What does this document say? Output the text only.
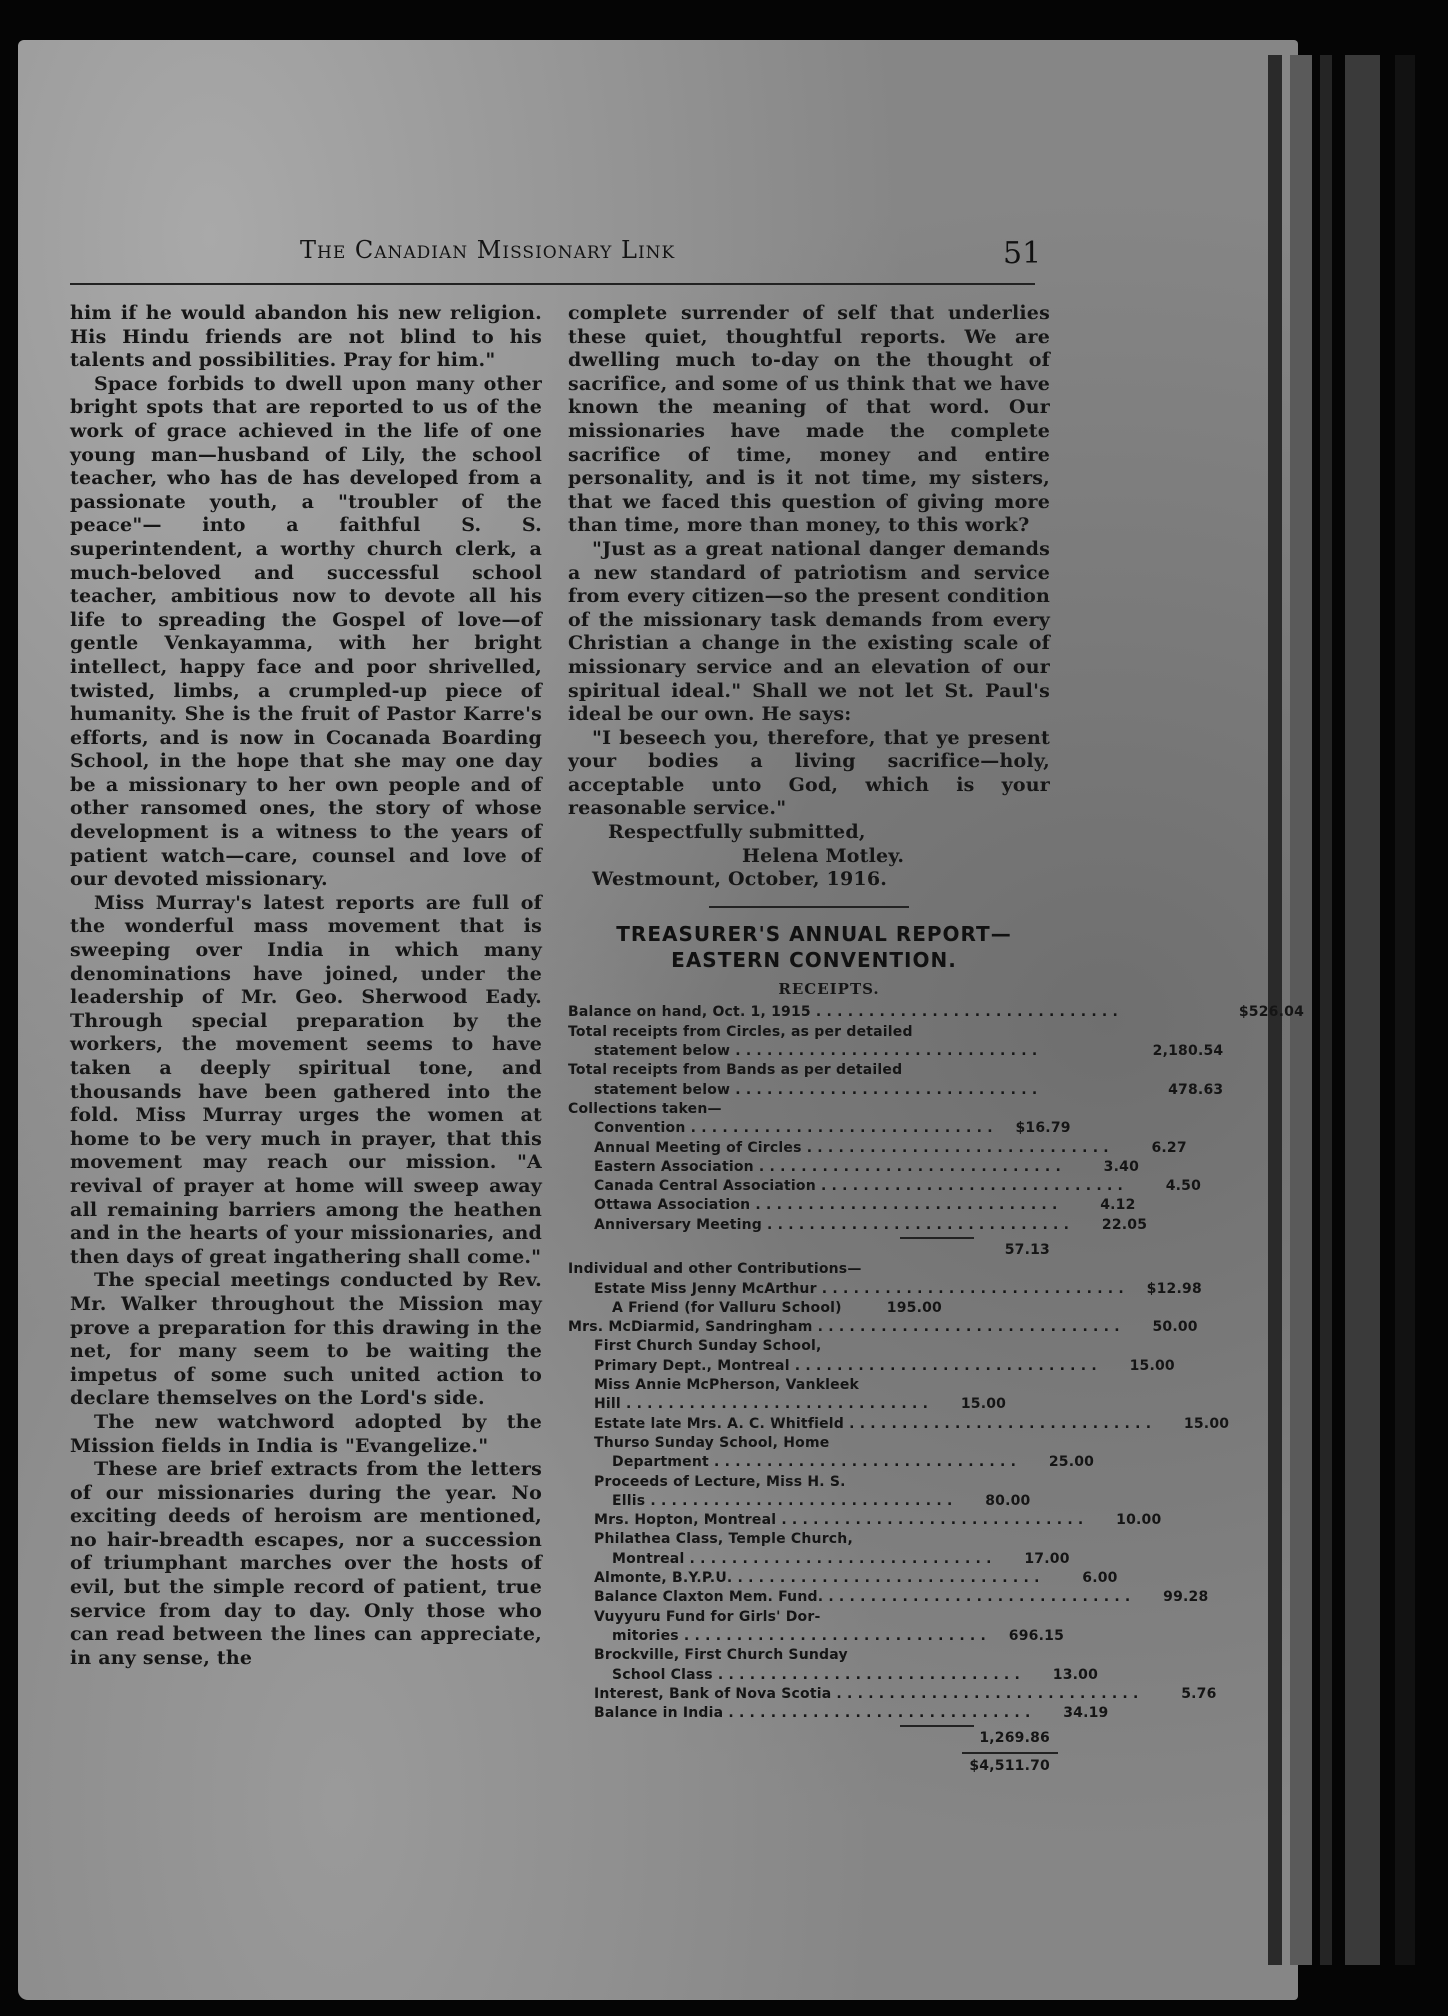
The Canadian Missionary Link	51

him if he would abandon his new religion. His Hindu friends are not blind to his talents and possibilities. Pray for him."

Space forbids to dwell upon many other bright spots that are reported to us of the work of grace achieved in the life of one young man—husband of Lily, the school teacher, who has de has developed from a passionate youth, a "troubler of the peace"— into a faithful S. S. superintendent, a worthy church clerk, a much-beloved and successful school teacher, ambitious now to devote all his life to spreading the Gospel of love—of gentle Venkayamma, with her bright intellect, happy face and poor shrivelled, twisted, limbs, a crumpled-up piece of humanity. She is the fruit of Pastor Karre's efforts, and is now in Cocanada Boarding School, in the hope that she may one day be a missionary to her own people and of other ransomed ones, the story of whose development is a witness to the years of patient watch—care, counsel and love of our devoted missionary.

Miss Murray's latest reports are full of the wonderful mass movement that is sweeping over India in which many denominations have joined, under the leadership of Mr. Geo. Sherwood Eady. Through special preparation by the workers, the movement seems to have taken a deeply spiritual tone, and thousands have been gathered into the fold. Miss Murray urges the women at home to be very much in prayer, that this movement may reach our mission. "A revival of prayer at home will sweep away all remaining barriers among the heathen and in the hearts of your missionaries, and then days of great ingathering shall come."

The special meetings conducted by Rev. Mr. Walker throughout the Mission may prove a preparation for this drawing in the net, for many seem to be waiting the impetus of some such united action to declare themselves on the Lord's side.

The new watchword adopted by the Mission fields in India is "Evangelize."

These are brief extracts from the letters of our missionaries during the year. No exciting deeds of heroism are mentioned, no hair-breadth escapes, nor a succession of triumphant marches over the hosts of evil, but the simple record of patient, true service from day to day. Only those who can read between the lines can appreciate, in any sense, the

complete surrender of self that underlies these quiet, thoughtful reports. We are dwelling much to-day on the thought of sacrifice, and some of us think that we have known the meaning of that word. Our missionaries have made the complete sacrifice of time, money and entire personality, and is it not time, my sisters, that we faced this question of giving more than time, more than money, to this work?

"Just as a great national danger demands a new standard of patriotism and service from every citizen—so the present condition of the missionary task demands from every Christian a change in the existing scale of missionary service and an elevation of our spiritual ideal." Shall we not let St. Paul's ideal be our own. He says:

"I beseech you, therefore, that ye present your bodies a living sacrifice—holy, acceptable unto God, which is your reasonable service."

Respectfully submitted,

Helena Motley.

Westmount, October, 1916.

TREASURER'S ANNUAL REPORT—
EASTERN CONVENTION.
RECEIPTS.
Balance on hand, Oct. 1, 1915 . . .	$526.04
Total receipts from Circles, as per detailed
statement below . . .	2,180.54
Total receipts from Bands as per detailed
statement below . . .	478.63
Collections taken—
Convention . . .	$16.79
Annual Meeting of Circles . . .	6.27
Eastern Association . . .	3.40
Canada Central Association . . .	4.50
Ottawa Association . . .	4.12
Anniversary Meeting . . .	22.05
57.13
Individual and other Contributions—
Estate Miss Jenny McArthur . . .	$12.98
A Friend (for Valluru School)	195.00
Mrs. McDiarmid, Sandringham . . .	50.00
First Church Sunday School,
Primary Dept., Montreal . . .	15.00
Miss Annie McPherson, Vankleek
Hill . . .	15.00
Estate late Mrs. A. C. Whitfield . . .	15.00
Thurso Sunday School, Home
Department . . .	25.00
Proceeds of Lecture, Miss H. S.
Ellis . . .	80.00
Mrs. Hopton, Montreal . . .	10.00
Philathea Class, Temple Church,
Montreal . . .	17.00
Almonte, B.Y.P.U. . . .	6.00
Balance Claxton Mem. Fund. . . .	99.28
Vuyyuru Fund for Girls' Dor-
mitories . . .	696.15
Brockville, First Church Sunday
School Class . . .	13.00
Interest, Bank of Nova Scotia . . .	5.76
Balance in India . . .	34.19
1,269.86
$4,511.70
